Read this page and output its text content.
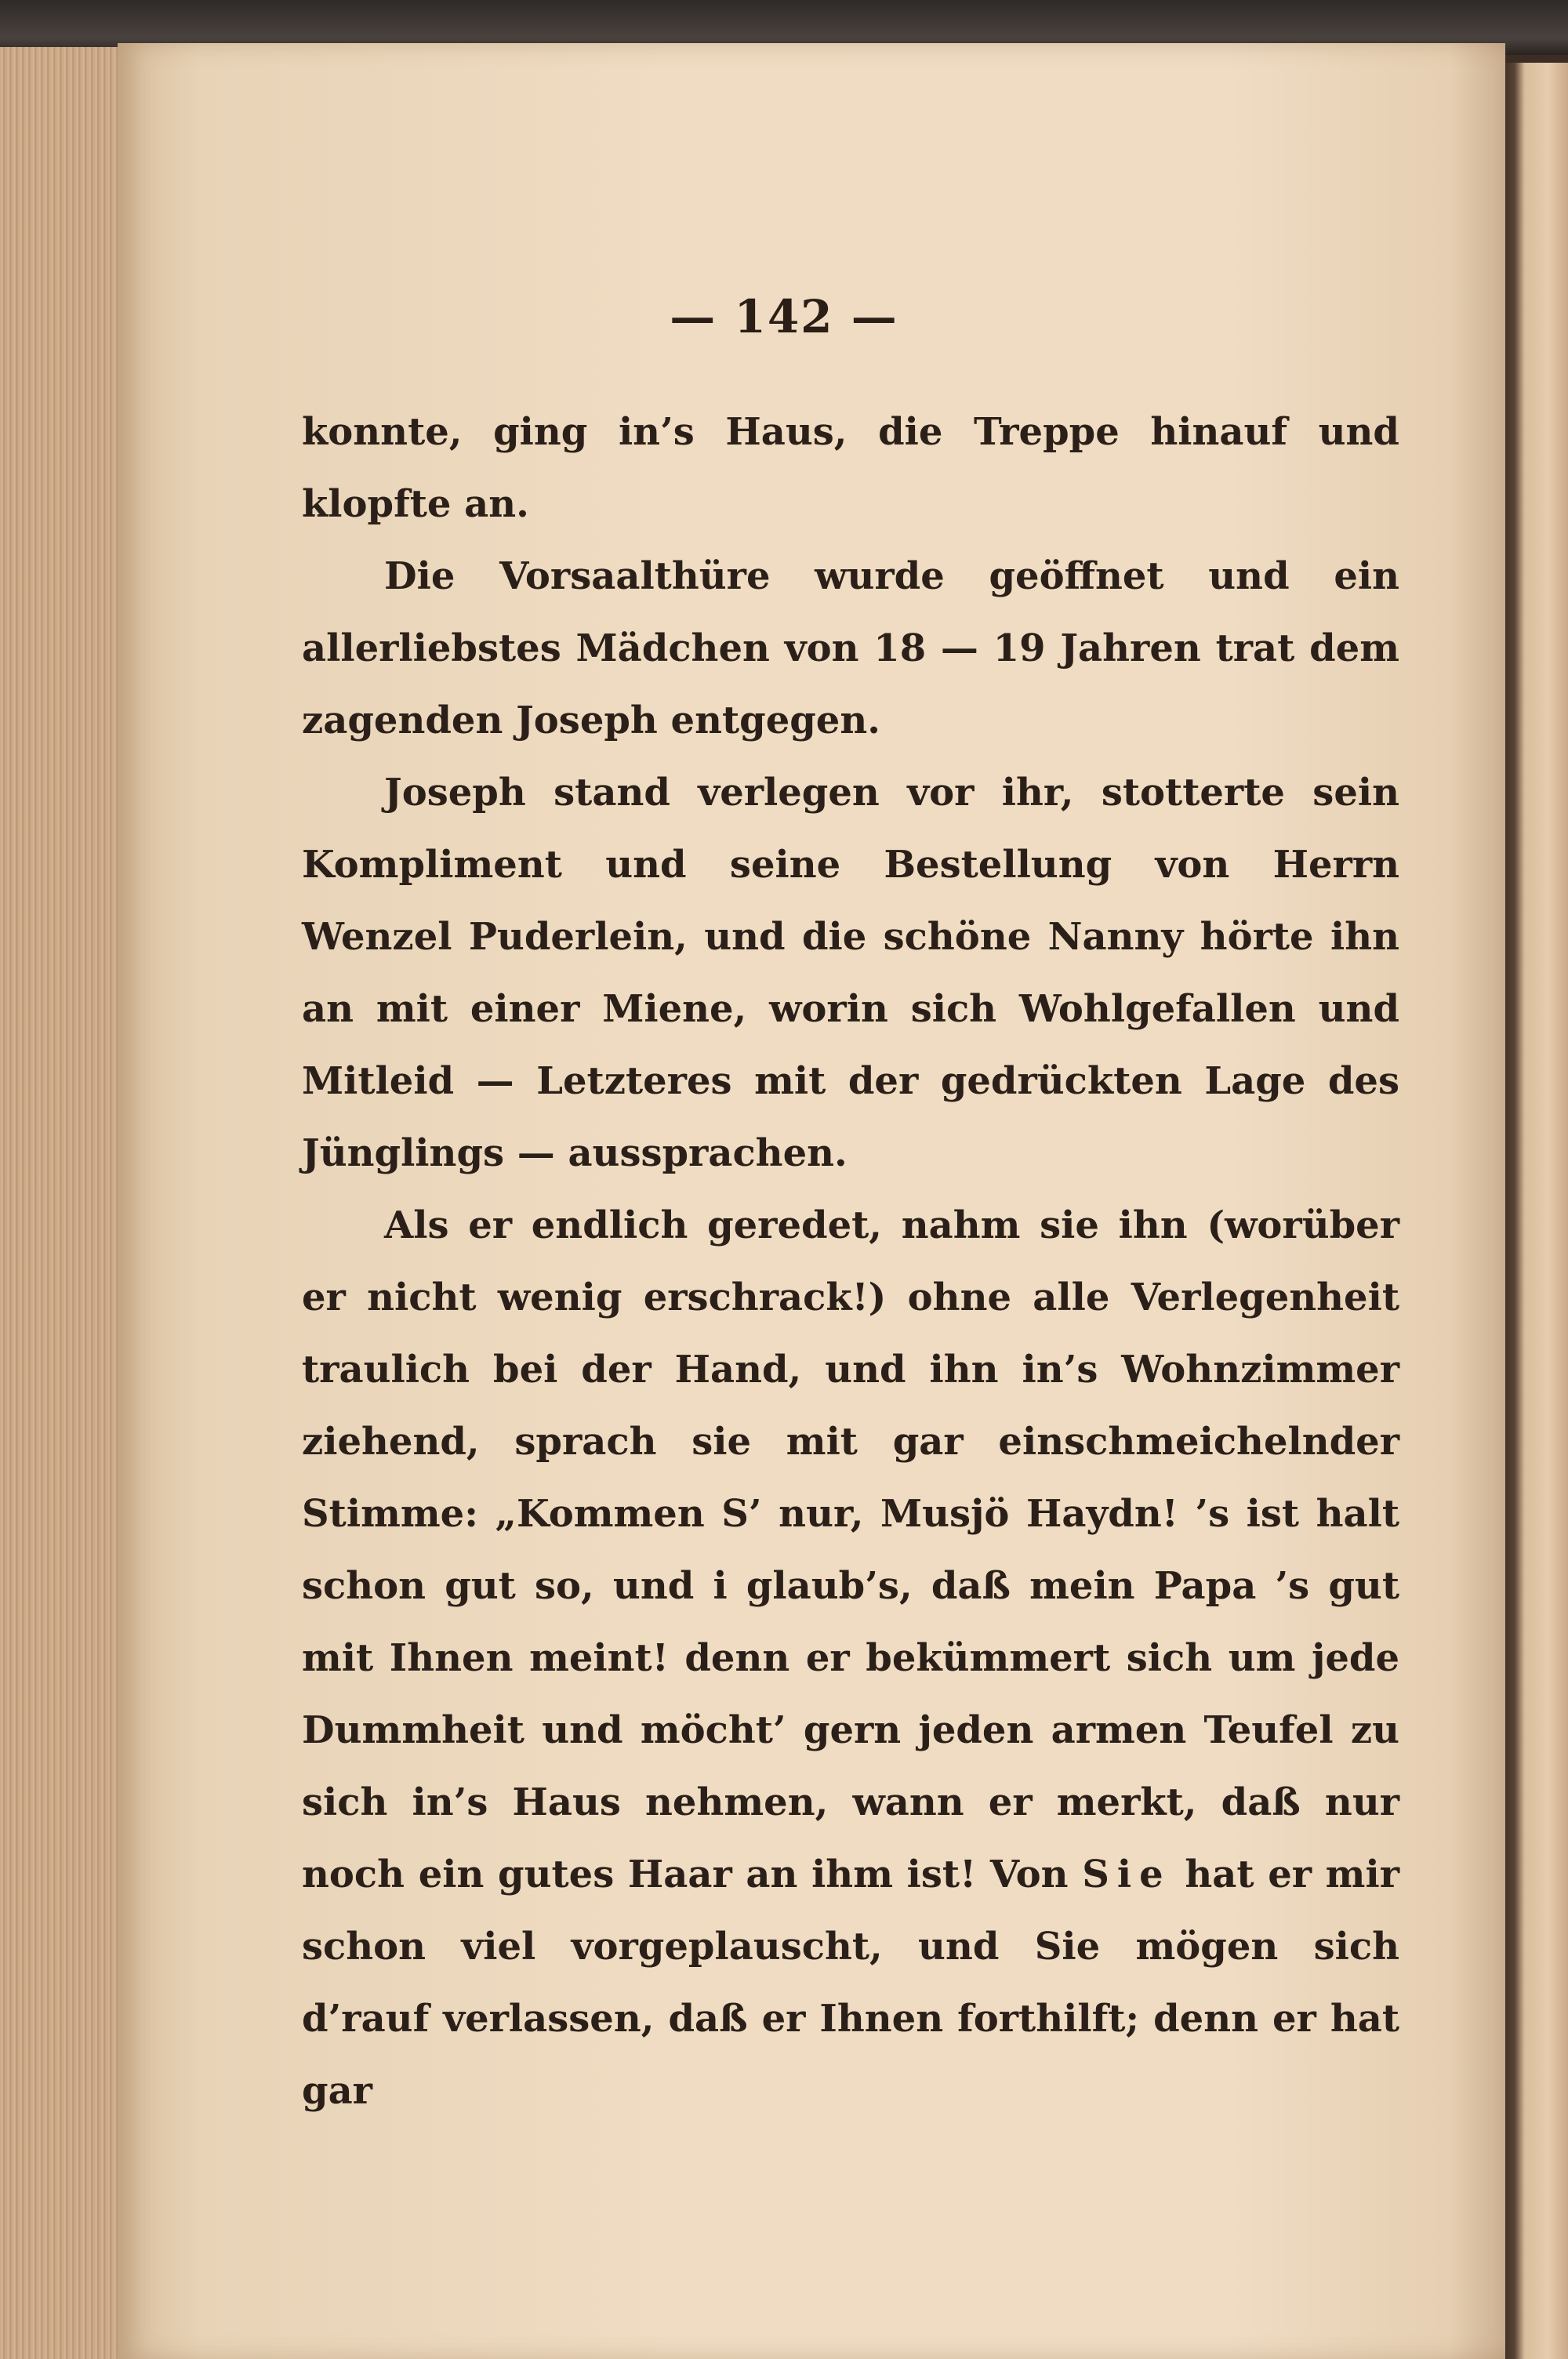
— 142 —

konnte, ging in’s Haus, die Treppe hinauf und klopfte an.

Die Vorsaalthüre wurde geöffnet und ein allerliebstes Mädchen von 18 — 19 Jahren trat dem zagenden Joseph entgegen.

Joseph stand verlegen vor ihr, stotterte sein Kompliment und seine Bestellung von Herrn Wenzel Puderlein, und die schöne Nanny hörte ihn an mit einer Miene, worin sich Wohlgefallen und Mitleid — Letzteres mit der gedrückten Lage des Jünglings — aussprachen.

Als er endlich geredet, nahm sie ihn (worüber er nicht wenig erschrack!) ohne alle Verlegenheit traulich bei der Hand, und ihn in’s Wohnzimmer ziehend, sprach sie mit gar einschmeichelnder Stimme: „Kommen S’ nur, Musjö Haydn! ’s ist halt schon gut so, und i glaub’s, daß mein Papa ’s gut mit Ihnen meint! denn er bekümmert sich um jede Dummheit und möcht’ gern jeden armen Teufel zu sich in’s Haus nehmen, wann er merkt, daß nur noch ein gutes Haar an ihm ist! Von Sie hat er mir schon viel vorgeplauscht, und Sie mögen sich d’rauf verlassen, daß er Ihnen forthilft; denn er hat gar
